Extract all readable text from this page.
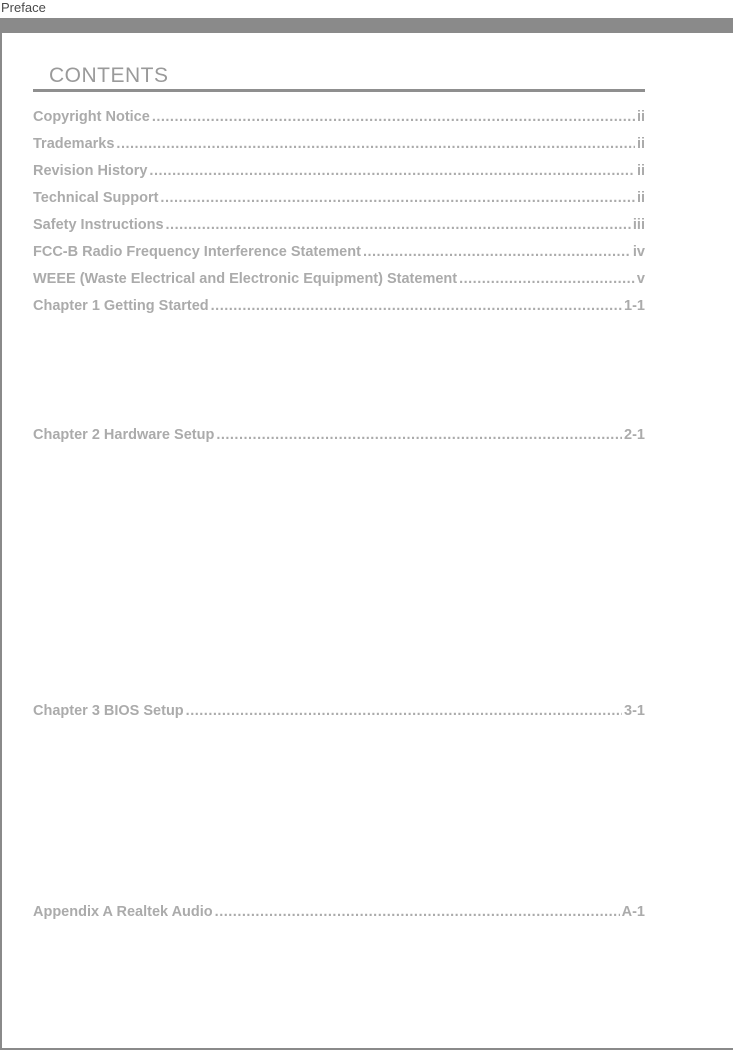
Preface
CONTENTS
Copyright Notice .....	ii
Trademarks .....	ii
Revision History .....	ii
Technical Support .....	ii
Safety Instructions .....	iii
FCC-B Radio Frequency Interference Statement .....	iv
WEEE (Waste Electrical and Electronic Equipment) Statement .....	v
Chapter 1 Getting Started .....	1-1
Chapter 2 Hardware Setup .....	2-1
Chapter 3 BIOS Setup .....	3-1
Appendix A Realtek Audio .....	A-1
